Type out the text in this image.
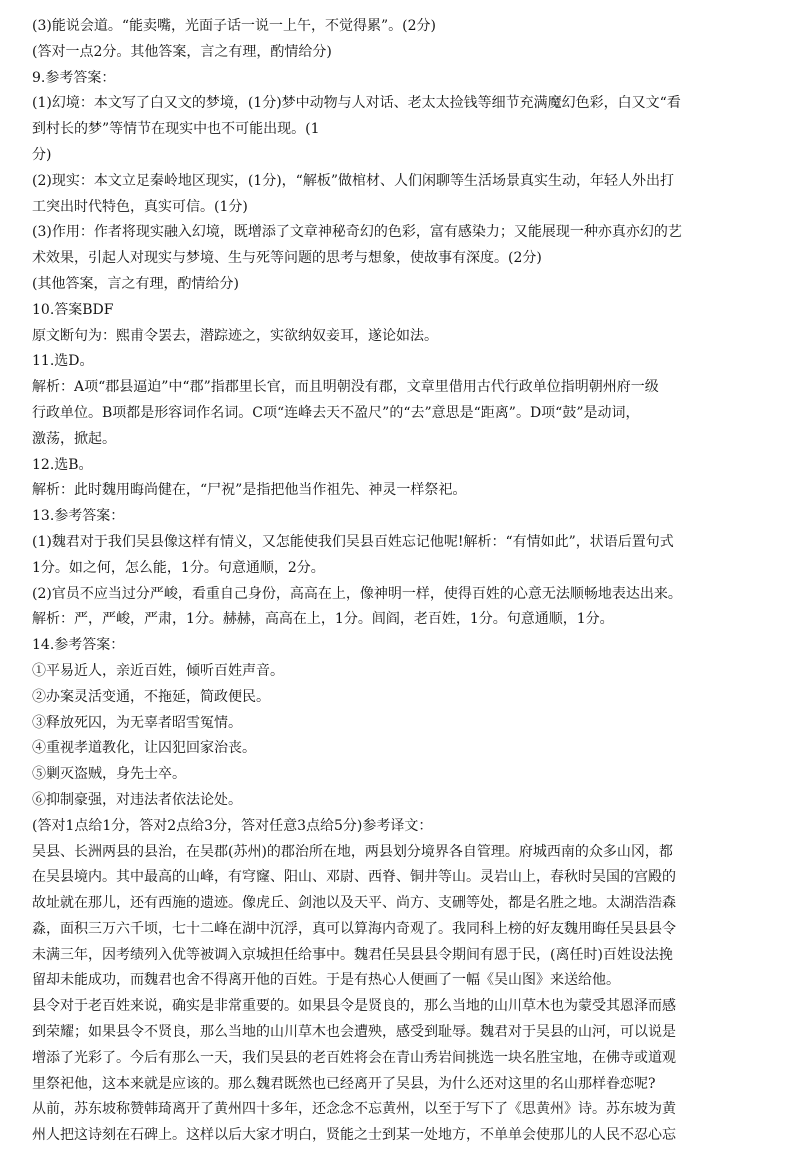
(3)能说会道。“能卖嘴，光面子话一说一上午，不觉得累”。(2分)
(答对一点2分。其他答案，言之有理，酌情给分)
9.参考答案：
(1)幻境：本文写了白又文的梦境，(1分)梦中动物与人对话、老太太捡钱等细节充满魔幻色彩，白又文“看
到村长的梦”等情节在现实中也不可能出现。(1
分)
(2)现实：本文立足秦岭地区现实，(1分)，“解板”做棺材、人们闲聊等生活场景真实生动，年轻人外出打
工突出时代特色，真实可信。(1分)
(3)作用：作者将现实融入幻境，既增添了文章神秘奇幻的色彩，富有感染力；又能展现一种亦真亦幻的艺
术效果，引起人对现实与梦境、生与死等问题的思考与想象，使故事有深度。(2分)
(其他答案，言之有理，酌情给分)
10.答案BDF
原文断句为：熙甫令罢去，潜踪迹之，实欲纳奴妾耳，遂论如法。
11.选D。
解析：A项“郡县逼迫”中“郡”指郡里长官，而且明朝没有郡，文章里借用古代行政单位指明朝州府一级
行政单位。B项都是形容词作名词。C项“连峰去天不盈尺”的“去”意思是“距离”。D项“鼓”是动词，
激荡，掀起。
12.选B。
解析：此时魏用晦尚健在，“尸祝”是指把他当作祖先、神灵一样祭祀。
13.参考答案：
(1)魏君对于我们吴县像这样有情义，又怎能使我们吴县百姓忘记他呢!解析：“有情如此”，状语后置句式
1分。如之何，怎么能，1分。句意通顺，2分。
(2)官员不应当过分严峻，看重自己身份，高高在上，像神明一样，使得百姓的心意无法顺畅地表达出来。
解析：严，严峻，严肃，1分。赫赫，高高在上，1分。闾阎，老百姓，1分。句意通顺，1分。
14.参考答案：
①平易近人，亲近百姓，倾听百姓声音。
②办案灵活变通，不拖延，简政便民。
③释放死囚，为无辜者昭雪冤情。
④重视孝道教化，让囚犯回家治丧。
⑤剿灭盗贼，身先士卒。
⑥抑制豪强，对违法者依法论处。
(答对1点给1分，答对2点给3分，答对任意3点给5分)参考译文：
吴县、长洲两县的县治，在吴郡(苏州)的郡治所在地，两县划分境界各自管理。府城西南的众多山冈，都
在吴县境内。其中最高的山峰，有穹窿、阳山、邓尉、西脊、铜井等山。灵岩山上，春秋时吴国的宫殿的
故址就在那儿，还有西施的遗迹。像虎丘、剑池以及天平、尚方、支硎等处，都是名胜之地。太湖浩浩森
淼，面积三万六千顷，七十二峰在湖中沉浮，真可以算海内奇观了。我同科上榜的好友魏用晦任吴县县令
未满三年，因考绩列入优等被调入京城担任给事中。魏君任吴县县令期间有恩于民，(离任时)百姓设法挽
留却未能成功，而魏君也舍不得离开他的百姓。于是有热心人便画了一幅《吴山图》来送给他。
县令对于老百姓来说，确实是非常重要的。如果县令是贤良的，那么当地的山川草木也为蒙受其恩泽而感
到荣耀；如果县令不贤良，那么当地的山川草木也会遭殃，感受到耻辱。魏君对于吴县的山河，可以说是
增添了光彩了。今后有那么一天，我们吴县的老百姓将会在青山秀岩间挑选一块名胜宝地，在佛寺或道观
里祭祀他，这本来就是应该的。那么魏君既然也已经离开了吴县，为什么还对这里的名山那样眷恋呢?
从前，苏东坡称赞韩琦离开了黄州四十多年，还念念不忘黄州，以至于写下了《思黄州》诗。苏东坡为黄
州人把这诗刻在石碑上。这样以后大家才明白，贤能之士到某一处地方，不单单会使那儿的人民不忍心忘
